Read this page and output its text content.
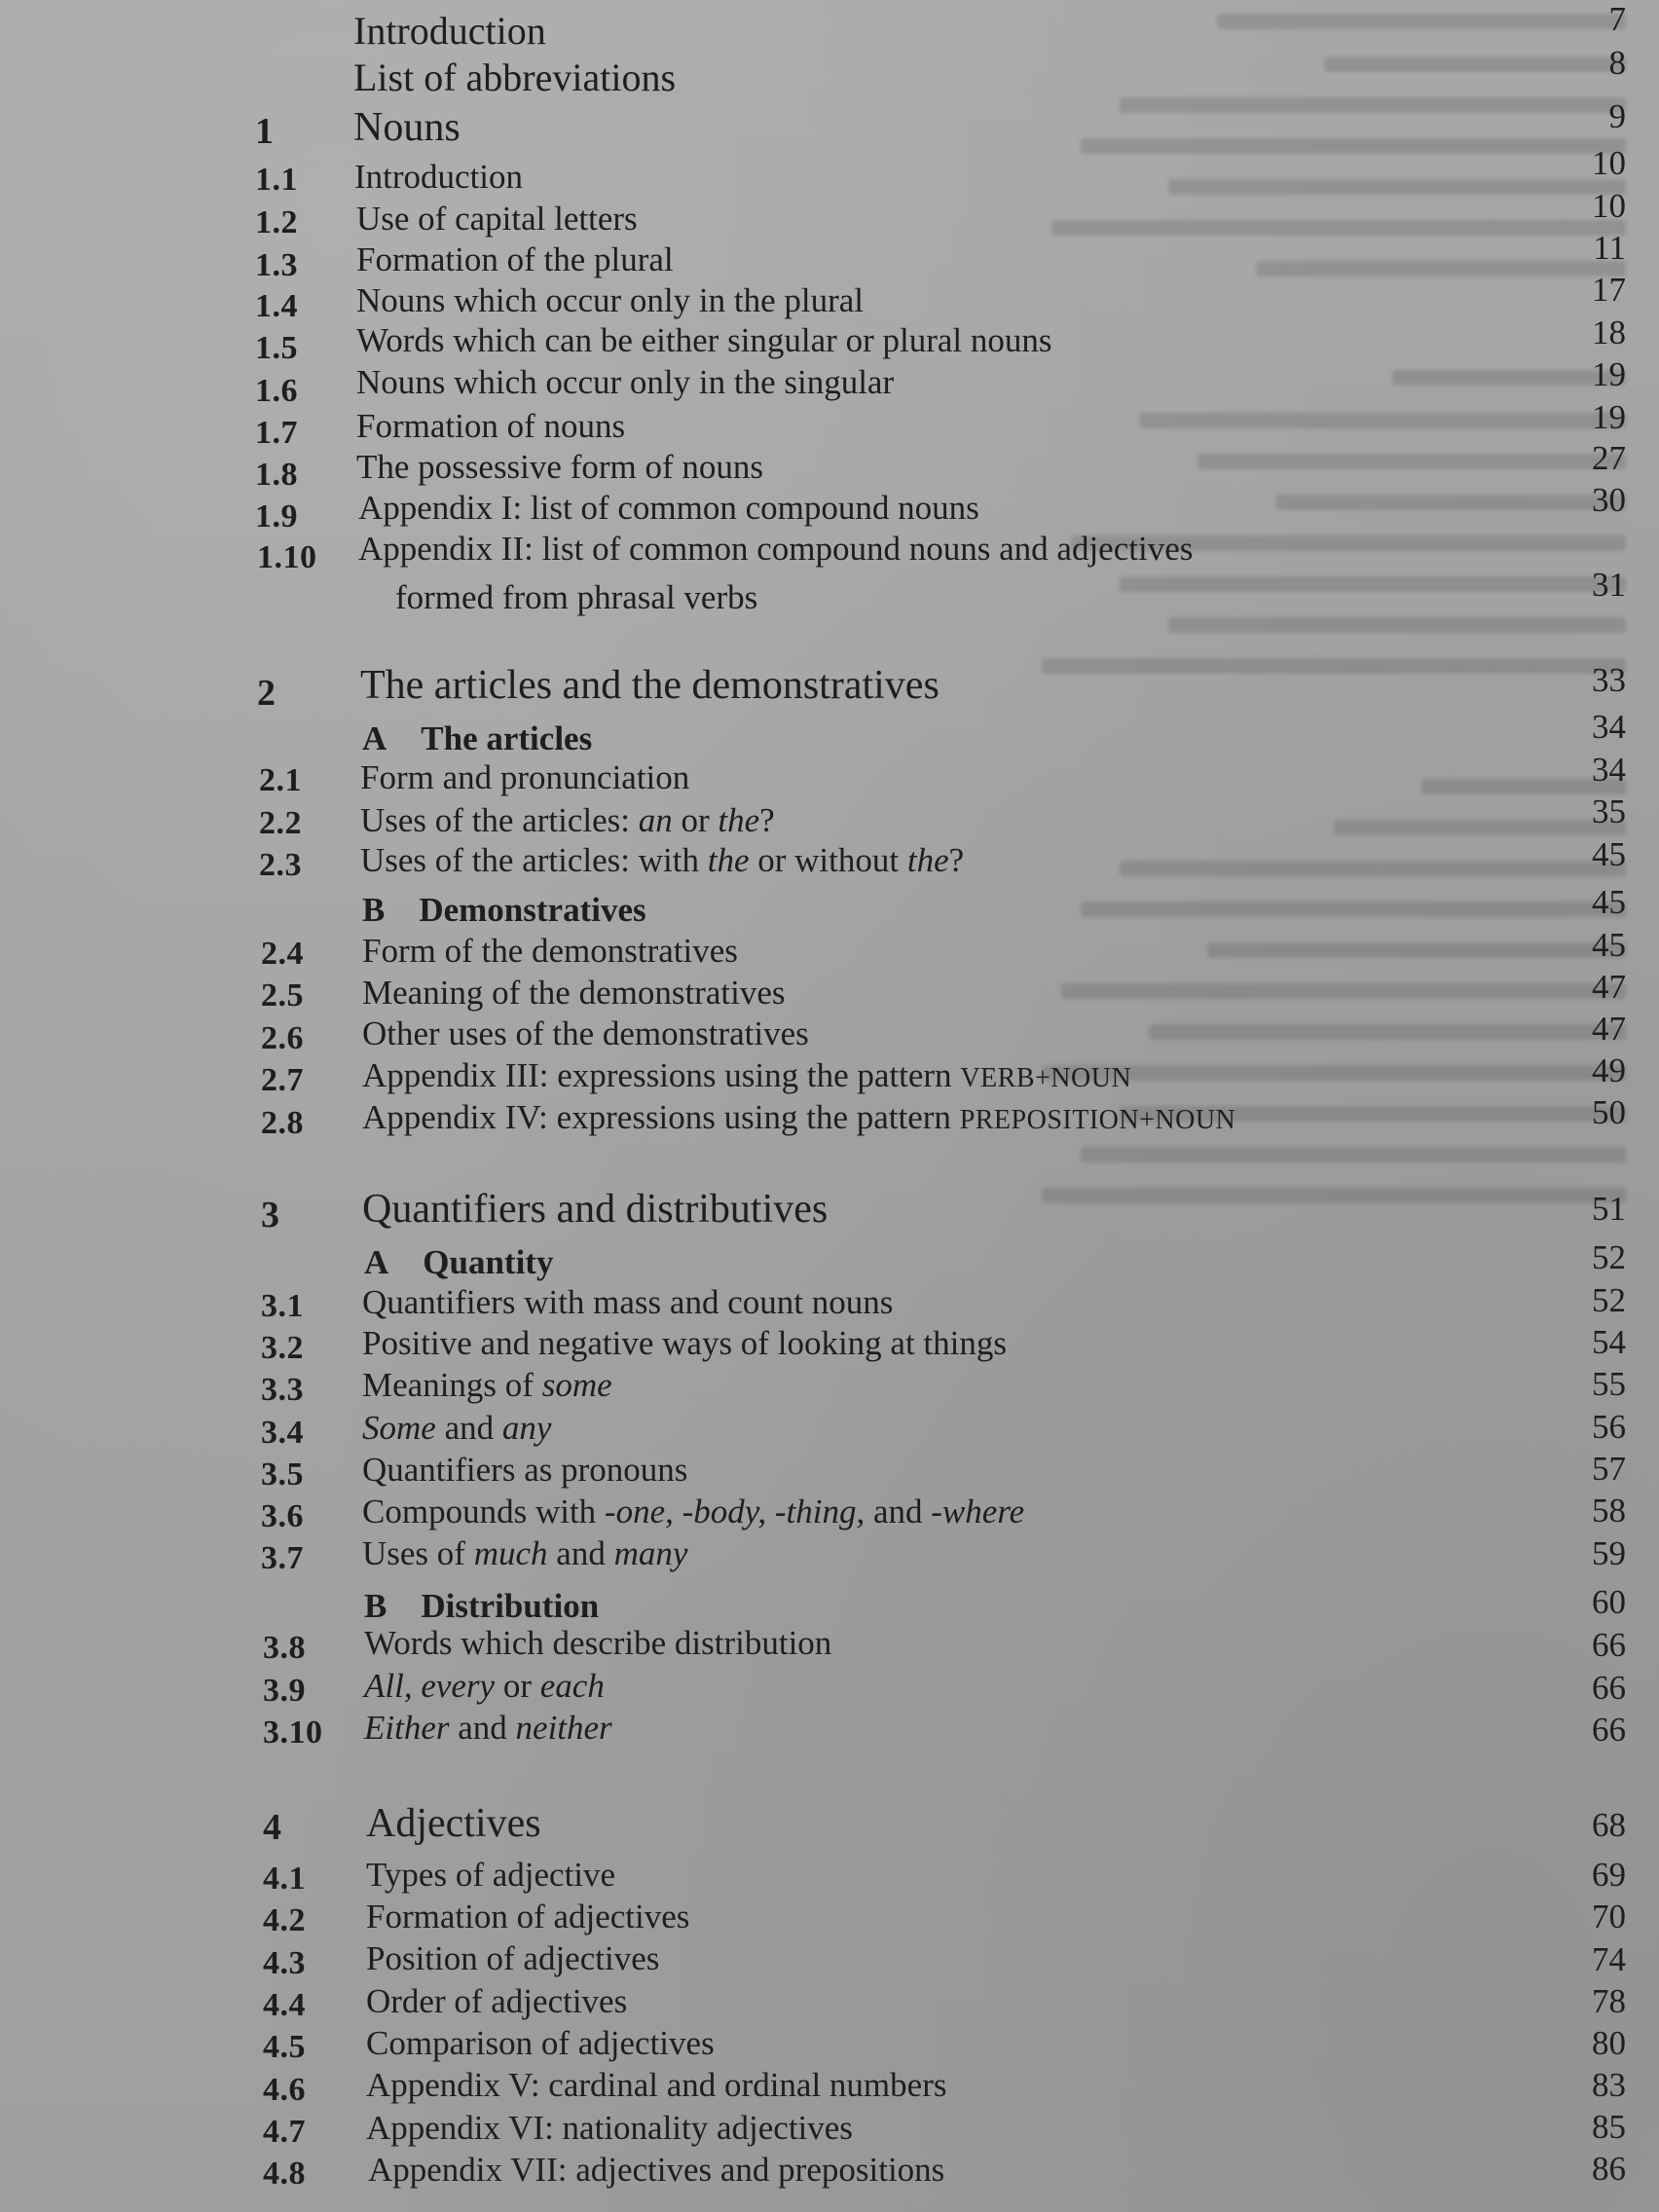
Introduction	7
List of abbreviations	8
1 Nouns	9
1.1 Introduction	10
1.2 Use of capital letters	10
1.3 Formation of the plural	11
1.4 Nouns which occur only in the plural	17
1.5 Words which can be either singular or plural nouns	18
1.6 Nouns which occur only in the singular	19
1.7 Formation of nouns	19
1.8 The possessive form of nouns	27
1.9 Appendix I: list of common compound nouns	30
1.10 Appendix II: list of common compound nouns and adjectives
formed from phrasal verbs	31
2 The articles and the demonstratives	33
A  The articles	34
2.1 Form and pronunciation	34
2.2 Uses of the articles: an or the?	35
2.3 Uses of the articles: with the or without the?	45
B  Demonstratives	45
2.4 Form of the demonstratives	45
2.5 Meaning of the demonstratives	47
2.6 Other uses of the demonstratives	47
2.7 Appendix III: expressions using the pattern VERB+NOUN	49
2.8 Appendix IV: expressions using the pattern PREPOSITION+NOUN	50
3 Quantifiers and distributives	51
A  Quantity	52
3.1 Quantifiers with mass and count nouns	52
3.2 Positive and negative ways of looking at things	54
3.3 Meanings of some	55
3.4 Some and any	56
3.5 Quantifiers as pronouns	57
3.6 Compounds with -one, -body, -thing, and -where	58
3.7 Uses of much and many	59
B  Distribution	60
3.8 Words which describe distribution	66
3.9 All, every or each	66
3.10 Either and neither	66
4 Adjectives	68
4.1 Types of adjective	69
4.2 Formation of adjectives	70
4.3 Position of adjectives	74
4.4 Order of adjectives	78
4.5 Comparison of adjectives	80
4.6 Appendix V: cardinal and ordinal numbers	83
4.7 Appendix VI: nationality adjectives	85
4.8 Appendix VII: adjectives and prepositions	86
